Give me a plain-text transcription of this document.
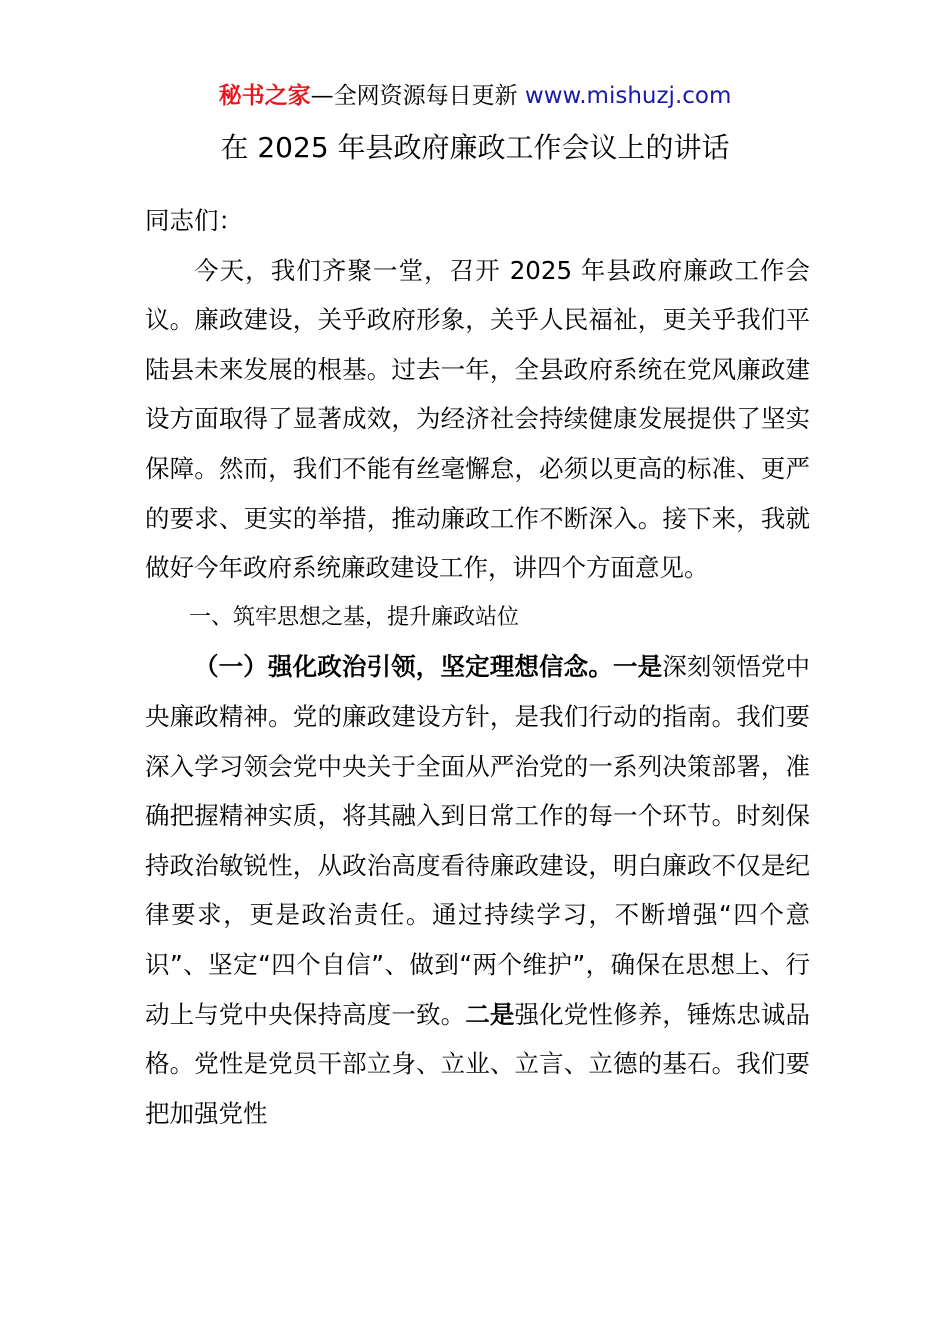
秘书之家—全网资源每日更新 www.mishuzj.com
在 2025 年县政府廉政工作会议上的讲话

同志们：

今天，我们齐聚一堂，召开 2025 年县政府廉政工作会议。廉政建设，关乎政府形象，关乎人民福祉，更关乎我们平陆县未来发展的根基。过去一年，全县政府系统在党风廉政建设方面取得了显著成效，为经济社会持续健康发展提供了坚实保障。然而，我们不能有丝毫懈怠，必须以更高的标准、更严的要求、更实的举措，推动廉政工作不断深入。接下来，我就做好今年政府系统廉政建设工作，讲四个方面意见。

一、筑牢思想之基，提升廉政站位

（一）强化政治引领，坚定理想信念。一是深刻领悟党中央廉政精神。党的廉政建设方针，是我们行动的指南。我们要深入学习领会党中央关于全面从严治党的一系列决策部署，准确把握精神实质，将其融入到日常工作的每一个环节。时刻保持政治敏锐性，从政治高度看待廉政建设，明白廉政不仅是纪律要求，更是政治责任。通过持续学习，不断增强“四个意识”、坚定“四个自信”、做到“两个维护”，确保在思想上、行动上与党中央保持高度一致。二是强化党性修养，锤炼忠诚品格。党性是党员干部立身、立业、立言、立德的基石。我们要把加强党性
